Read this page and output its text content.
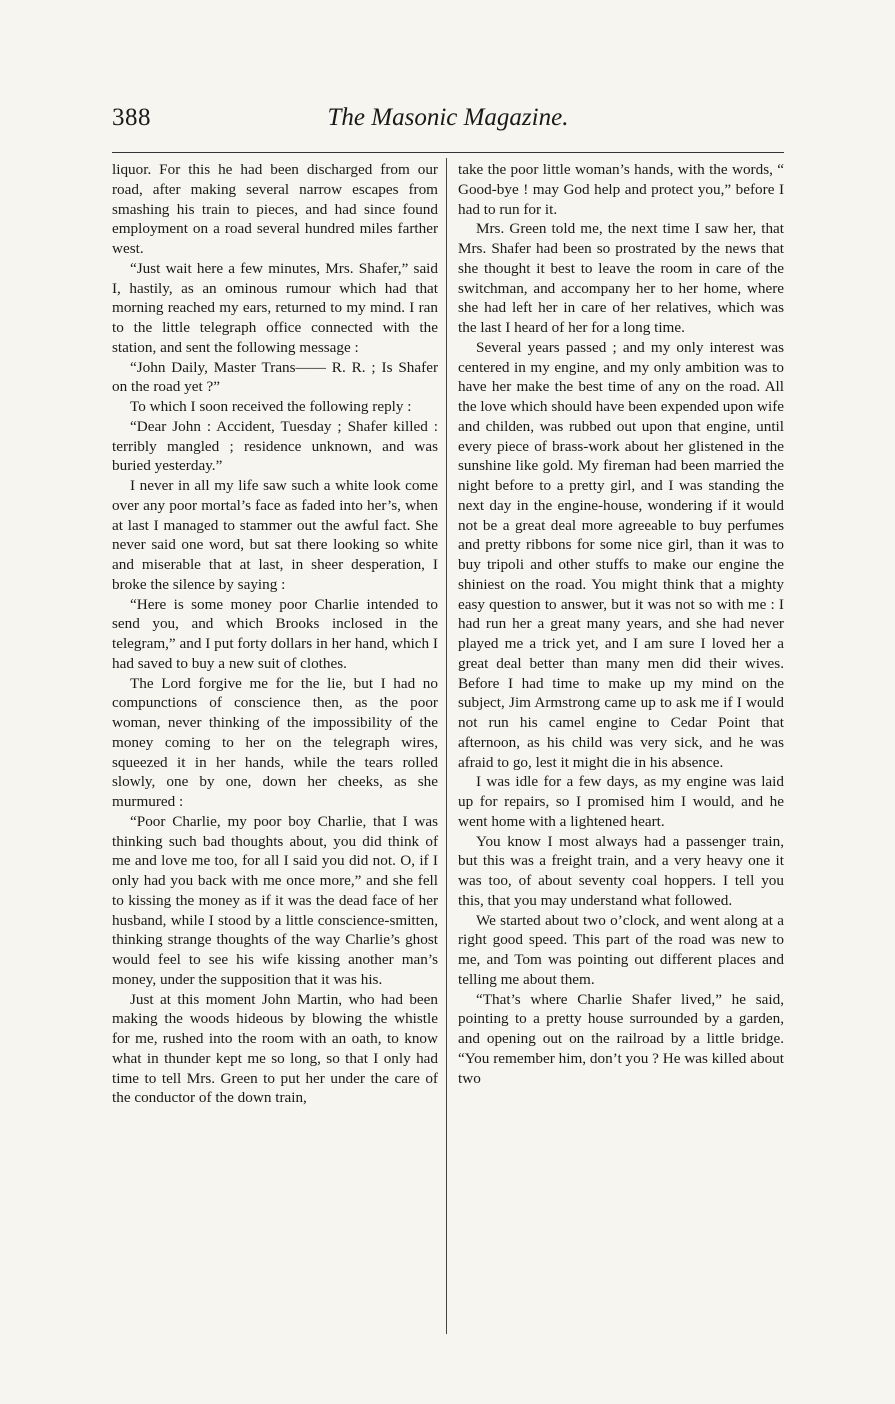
388	The Masonic Magazine.

liquor. For this he had been discharged from our road, after making several narrow escapes from smashing his train to pieces, and had since found employment on a road several hundred miles farther west.

“Just wait here a few minutes, Mrs. Shafer,” said I, hastily, as an ominous rumour which had that morning reached my ears, returned to my mind. I ran to the little telegraph office connected with the station, and sent the following message :

“John Daily, Master Trans—— R. R. ; Is Shafer on the road yet ?”

To which I soon received the following reply :

“Dear John : Accident, Tuesday ; Shafer killed : terribly mangled ; residence unknown, and was buried yesterday.”

I never in all my life saw such a white look come over any poor mortal’s face as faded into her’s, when at last I managed to stammer out the awful fact. She never said one word, but sat there looking so white and miserable that at last, in sheer desperation, I broke the silence by saying :

“Here is some money poor Charlie intended to send you, and which Brooks inclosed in the telegram,” and I put forty dollars in her hand, which I had saved to buy a new suit of clothes.

The Lord forgive me for the lie, but I had no compunctions of conscience then, as the poor woman, never thinking of the impossibility of the money coming to her on the telegraph wires, squeezed it in her hands, while the tears rolled slowly, one by one, down her cheeks, as she murmured :

“Poor Charlie, my poor boy Charlie, that I was thinking such bad thoughts about, you did think of me and love me too, for all I said you did not. O, if I only had you back with me once more,” and she fell to kissing the money as if it was the dead face of her husband, while I stood by a little conscience-smitten, thinking strange thoughts of the way Charlie’s ghost would feel to see his wife kissing another man’s money, under the supposition that it was his.

Just at this moment John Martin, who had been making the woods hideous by blowing the whistle for me, rushed into the room with an oath, to know what in thunder kept me so long, so that I only had time to tell Mrs. Green to put her under the care of the conductor of the down train,

take the poor little woman’s hands, with the words, “ Good-bye ! may God help and protect you,” before I had to run for it.

Mrs. Green told me, the next time I saw her, that Mrs. Shafer had been so prostrated by the news that she thought it best to leave the room in care of the switchman, and accompany her to her home, where she had left her in care of her relatives, which was the last I heard of her for a long time.

Several years passed ; and my only interest was centered in my engine, and my only ambition was to have her make the best time of any on the road. All the love which should have been expended upon wife and childen, was rubbed out upon that engine, until every piece of brass-work about her glistened in the sunshine like gold. My fireman had been married the night before to a pretty girl, and I was standing the next day in the engine-house, wondering if it would not be a great deal more agreeable to buy perfumes and pretty ribbons for some nice girl, than it was to buy tripoli and other stuffs to make our engine the shiniest on the road. You might think that a mighty easy question to answer, but it was not so with me : I had run her a great many years, and she had never played me a trick yet, and I am sure I loved her a great deal better than many men did their wives. Before I had time to make up my mind on the subject, Jim Armstrong came up to ask me if I would not run his camel engine to Cedar Point that afternoon, as his child was very sick, and he was afraid to go, lest it might die in his absence.

I was idle for a few days, as my engine was laid up for repairs, so I promised him I would, and he went home with a lightened heart.

You know I most always had a passenger train, but this was a freight train, and a very heavy one it was too, of about seventy coal hoppers. I tell you this, that you may understand what followed.

We started about two o’clock, and went along at a right good speed. This part of the road was new to me, and Tom was pointing out different places and telling me about them.

“That’s where Charlie Shafer lived,” he said, pointing to a pretty house surrounded by a garden, and opening out on the railroad by a little bridge. “You remember him, don’t you ? He was killed about two
